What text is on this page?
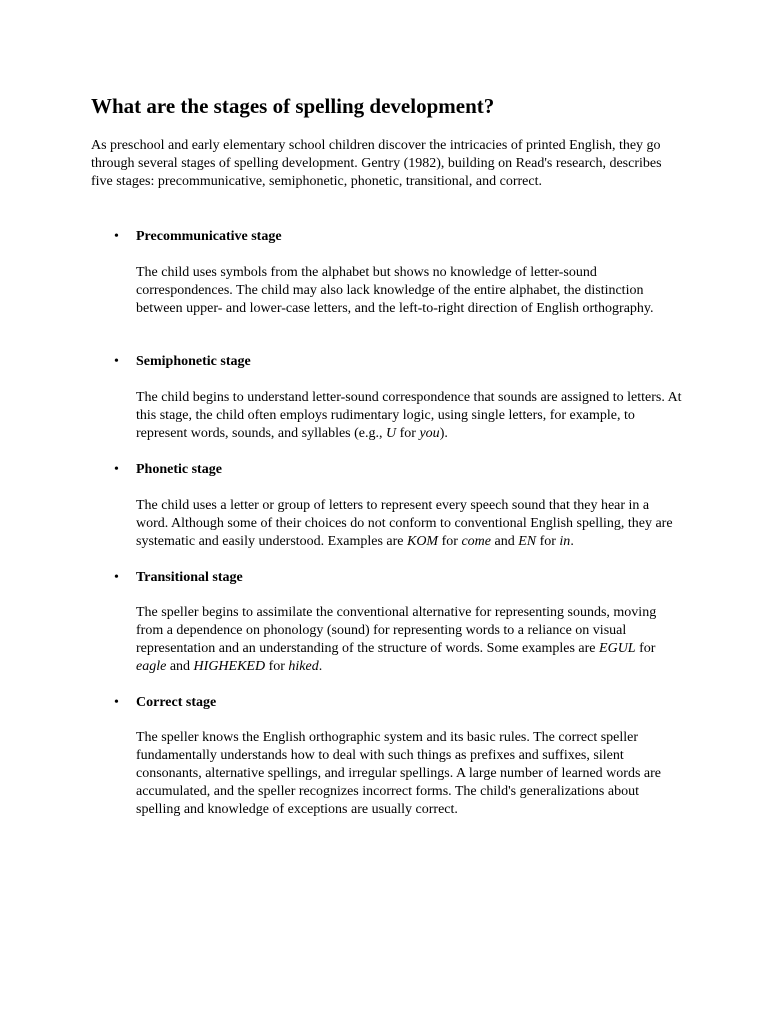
What are the stages of spelling development?

As preschool and early elementary school children discover the intricacies of printed English, they go through several stages of spelling development. Gentry (1982), building on Read's research, describes five stages: precommunicative, semiphonetic, phonetic, transitional, and correct.

• Precommunicative stage

The child uses symbols from the alphabet but shows no knowledge of letter-sound correspondences. The child may also lack knowledge of the entire alphabet, the distinction between upper- and lower-case letters, and the left-to-right direction of English orthography.

• Semiphonetic stage

The child begins to understand letter-sound correspondence that sounds are assigned to letters. At this stage, the child often employs rudimentary logic, using single letters, for example, to represent words, sounds, and syllables (e.g., U for you).

• Phonetic stage

The child uses a letter or group of letters to represent every speech sound that they hear in a word. Although some of their choices do not conform to conventional English spelling, they are systematic and easily understood. Examples are KOM for come and EN for in.

• Transitional stage

The speller begins to assimilate the conventional alternative for representing sounds, moving from a dependence on phonology (sound) for representing words to a reliance on visual representation and an understanding of the structure of words. Some examples are EGUL for eagle and HIGHEKED for hiked.

• Correct stage

The speller knows the English orthographic system and its basic rules. The correct speller fundamentally understands how to deal with such things as prefixes and suffixes, silent consonants, alternative spellings, and irregular spellings. A large number of learned words are accumulated, and the speller recognizes incorrect forms. The child's generalizations about spelling and knowledge of exceptions are usually correct.
